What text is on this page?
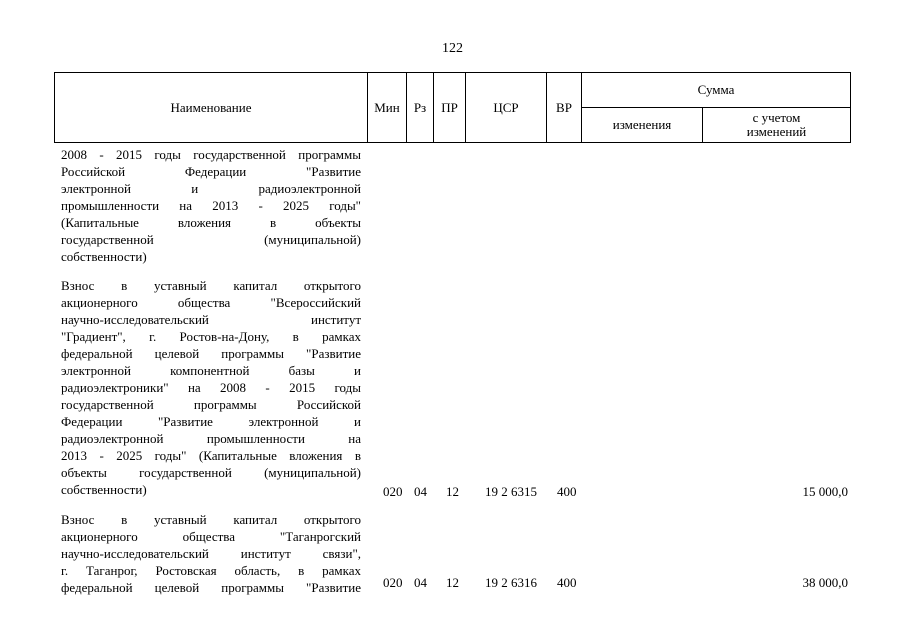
122
Наименование	Мин	Рз	ПР	ЦСР	ВР
Сумма
изменения	с учетом
изменений
2008 - 2015 годы государственной программы
Российской Федерации "Развитие
электронной и радиоэлектронной
промышленности на 2013 - 2025 годы"
(Капитальные вложения в объекты
государственной (муниципальной)
собственности)
Взнос в уставный капитал открытого
акционерного общества "Всероссийский
научно-исследовательский институт
"Градиент", г. Ростов-на-Дону, в рамках
федеральной целевой программы "Развитие
электронной компонентной базы и
радиоэлектроники" на 2008 - 2015 годы
государственной программы Российской
Федерации "Развитие электронной и
радиоэлектронной промышленности на
2013 - 2025 годы" (Капитальные вложения в
объекты государственной (муниципальной)
собственности)	020 04 12 19 2 6315 400	15 000,0
Взнос в уставный капитал открытого
акционерного общества "Таганрогский
научно-исследовательский институт связи",
г. Таганрог, Ростовская область, в рамках
федеральной целевой программы "Развитие 020 04 12 19 2 6316 400	38 000,0
